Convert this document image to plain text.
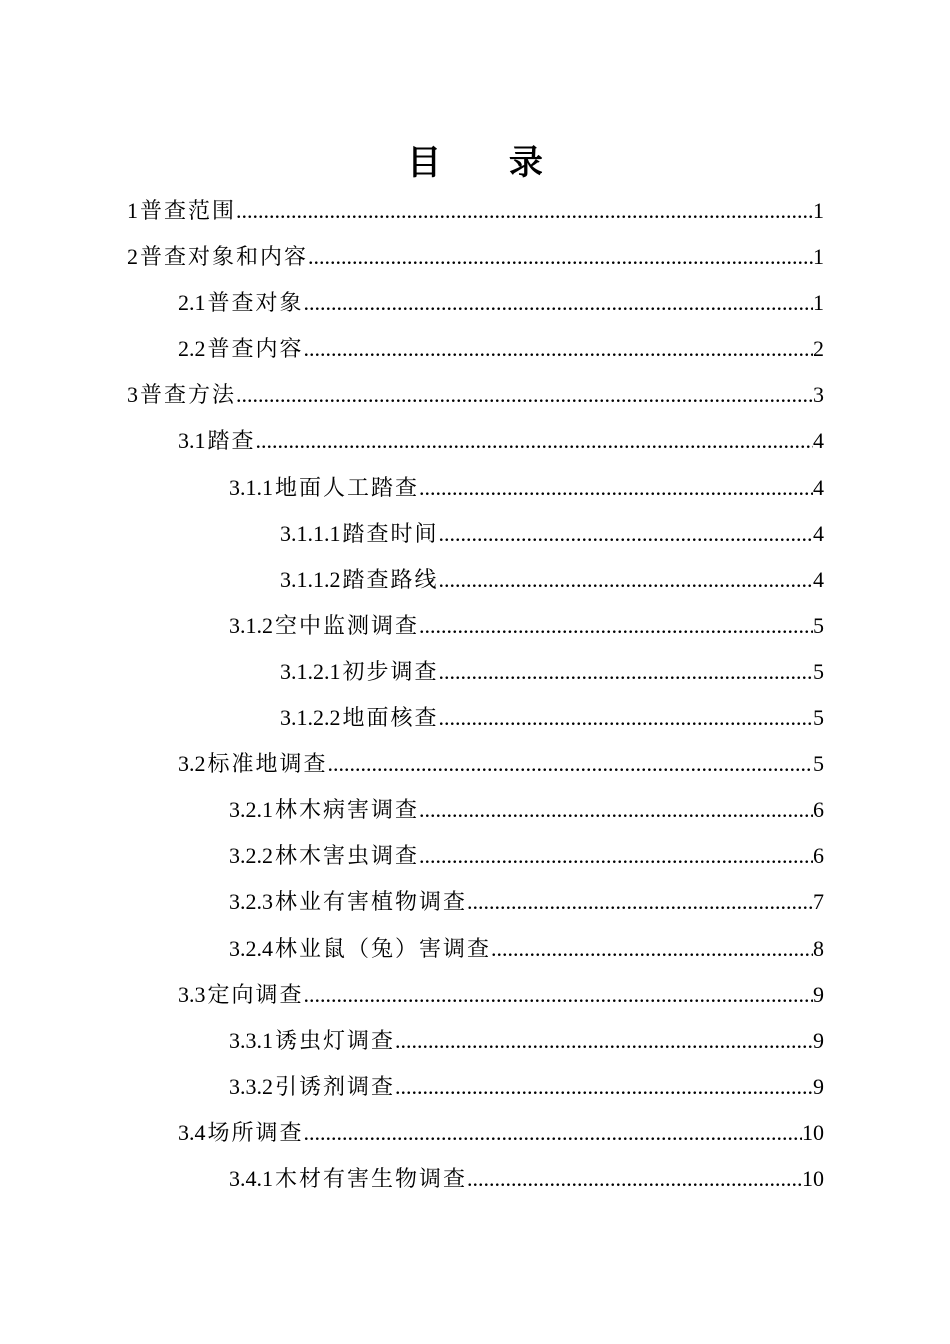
目 录
1 普查范围 .....	1
2 普查对象和内容 .....	1
2.1 普查对象 .....	1
2.2 普查内容 .....	2
3 普查方法 .....	3
3.1 踏查 .....	4
3.1.1 地面人工踏查 .....	4
3.1.1.1 踏查时间 .....	4
3.1.1.2 踏查路线 .....	4
3.1.2 空中监测调查 .....	5
3.1.2.1 初步调查 .....	5
3.1.2.2 地面核查 .....	5
3.2 标准地调查 .....	5
3.2.1 林木病害调查 .....	6
3.2.2 林木害虫调查 .....	6
3.2.3 林业有害植物调查 .....	7
3.2.4 林业鼠（兔）害调查 .....	8
3.3 定向调查 .....	9
3.3.1 诱虫灯调查 .....	9
3.3.2 引诱剂调查 .....	9
3.4 场所调查 .....	10
3.4.1 木材有害生物调查 .....	10
